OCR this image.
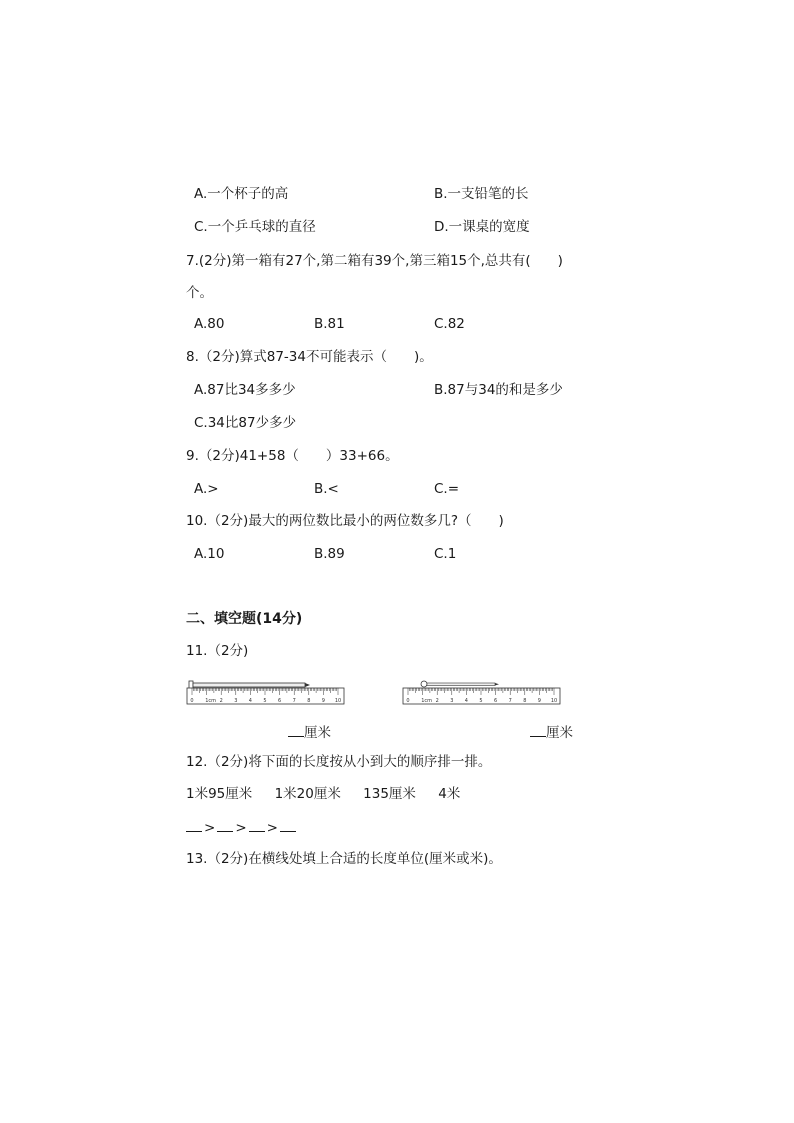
A.一个杯子的高	B.一支铅笔的长
C.一个乒乓球的直径	D.一课桌的宽度
7.(2分)第一箱有27个,第二箱有39个,第三箱15个,总共有(　　)
个。
A.80	B.81	C.82
8.（2分)算式87-34不可能表示（　　)。
A.87比34多多少	B.87与34的和是多少
C.34比87少多少
9.（2分)41+58（　　）33+66。
A.>	B.<	C.=
10.（2分)最大的两位数比最小的两位数多几?（　　)
A.10	B.89	C.1
二、填空题(14分)
11.（2分)
0 1cm 2 3 4 5 6 7 8 9 10	0 1cm 2 3 4 5 6 7 8 9 10
厘米	厘米
12.（2分)将下面的长度按从小到大的顺序排一排。
1米95厘米 1米20厘米 135厘米 4米
> > >
13.（2分)在横线处填上合适的长度单位(厘米或米)。
